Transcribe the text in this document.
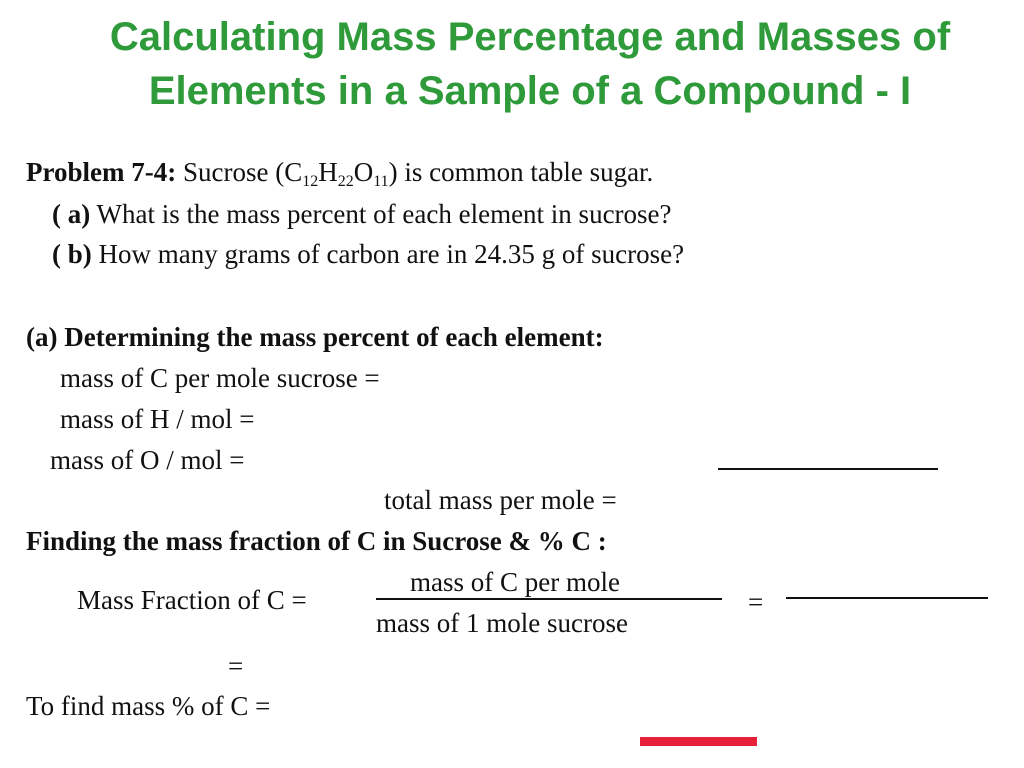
Calculating Mass Percentage and Masses of
Elements in a Sample of a Compound - I
Problem 7-4: Sucrose $(C_{12}H_{22}O_{11})$ is common table sugar.
( a) What is the mass percent of each element in sucrose?
( b) How many grams of carbon are in 24.35 g of sucrose?
(a) Determining the mass percent of each element:
mass of C per mole sucrose =
mass of H / mol =
mass of O / mol =
total mass per mole =
Finding the mass fraction of C in Sucrose & % C :
mass of C per mole
Mass Fraction of C =	=
mass of 1 mole sucrose
=
To find mass % of C =
